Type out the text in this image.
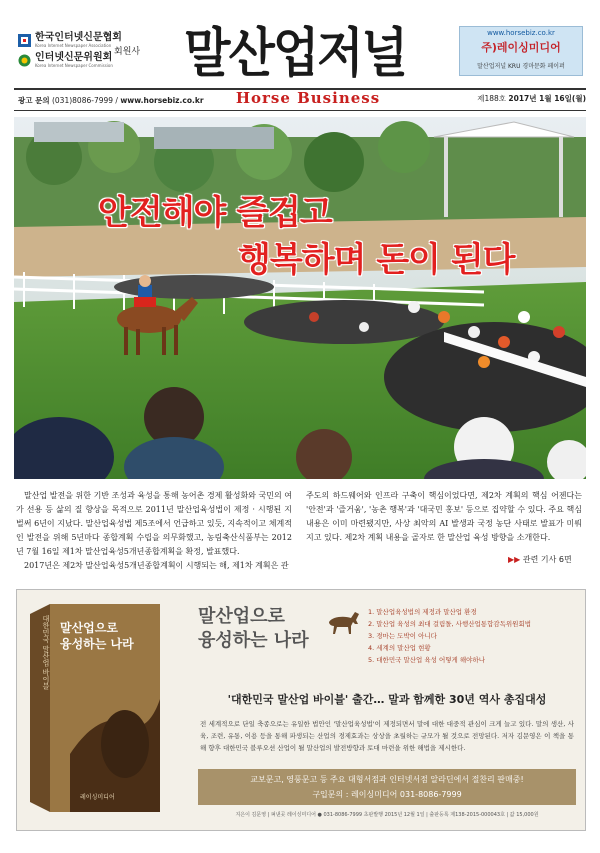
한국인터넷신문협회
Korea Internet Newspaper Association
인터넷신문위원회
Korea Internet Newspaper Commission
회원사 말산업저널	www.horsebiz.co.kr
주)레이싱미디어
말산업저널 KRU 경마문화 페이퍼
광고 문의 (031)8086-7999 / www.horsebiz.co.kr	Horse Business	제188호 2017년 1월 16일(월)
안전해야 즐겁고
행복하며 돈이 된다

말산업 발전을 위한 기반 조성과 육성을 통해 농어촌 경제 활성화와 국민의 여가 선용 등 삶의 질 향상을 목적으로 2011년 말산업육성법이 제정 · 시행된 지 벌써 6년이 지났다. 말산업육성법 제5조에서 언급하고 있듯, 지속적이고 체계적인 발전을 위해 5년마다 종합계획 수립을 의무화했고, 농림축산식품부는 2012년 7월 16일 제1차 말산업육성5개년종합계획을 확정, 발표했다.

2017년은 제2차 말산업육성5개년종합계획이 시행되는 해, 제1차 계획은 관

주도의 하드웨어와 인프라 구축이 핵심이었다면, 제2차 계획의 핵심 어젠다는 '안전'과 '즐거움', '농촌 행복'과 '대국민 홍보' 등으로 집약할 수 있다. 주요 핵심 내용은 이미 마련됐지만, 사상 최악의 AI 발생과 국정 농단 사태로 발표가 미뤄지고 있다. 제2차 계획 내용을 골자로 한 말산업 육성 방향을 소개한다.

▶▶ 관련 기사 6면
대한민국 말산업 바이블 말산업으로
융성하는 나라
레이싱미디어
말산업으로
융성하는 나라
1. 말산업육성법의 제정과 말산업 환경
2. 말산업 육성의 최대 걸림돌, 사행산업통합감독위원회법
3. 경마는 도박이 아니다
4. 세계의 말산업 현황
5. 대한민국 말산업 육성 어떻게 해야하나
'대한민국 말산업 바이블' 출간… 말과 함께한 30년 역사 총집대성
전 세계적으로 단일 축종으로는 유일한 법안인 '말산업육성법'이 제정되면서 말에 대한 대중적 관심이 크게 늘고 있다. 말의 생산, 사육, 조련, 유통, 이용 등을 통해 파생되는 산업의 경제효과는 상상을 초월하는 규모가 될 것으로 전망된다. 저자 김문영은 이 책을 통해 향후 대한민국 블루오션 산업이 될 말산업의 발전방향과 토대 마련을 위한 해법을 제시한다.
교보문고, 영풍문고 등 주요 대형서점과 인터넷서점 알라딘에서 절찬리 판매중!
구입문의 : 레이싱미디어 031-8086-7999
지은이 김문영 | 펴낸곳 레이싱미디어 ● 031-8086-7999 초판발행 2015년 12월 1일 | 출판등록 제138-2015-000043호 | 값 15,000원
